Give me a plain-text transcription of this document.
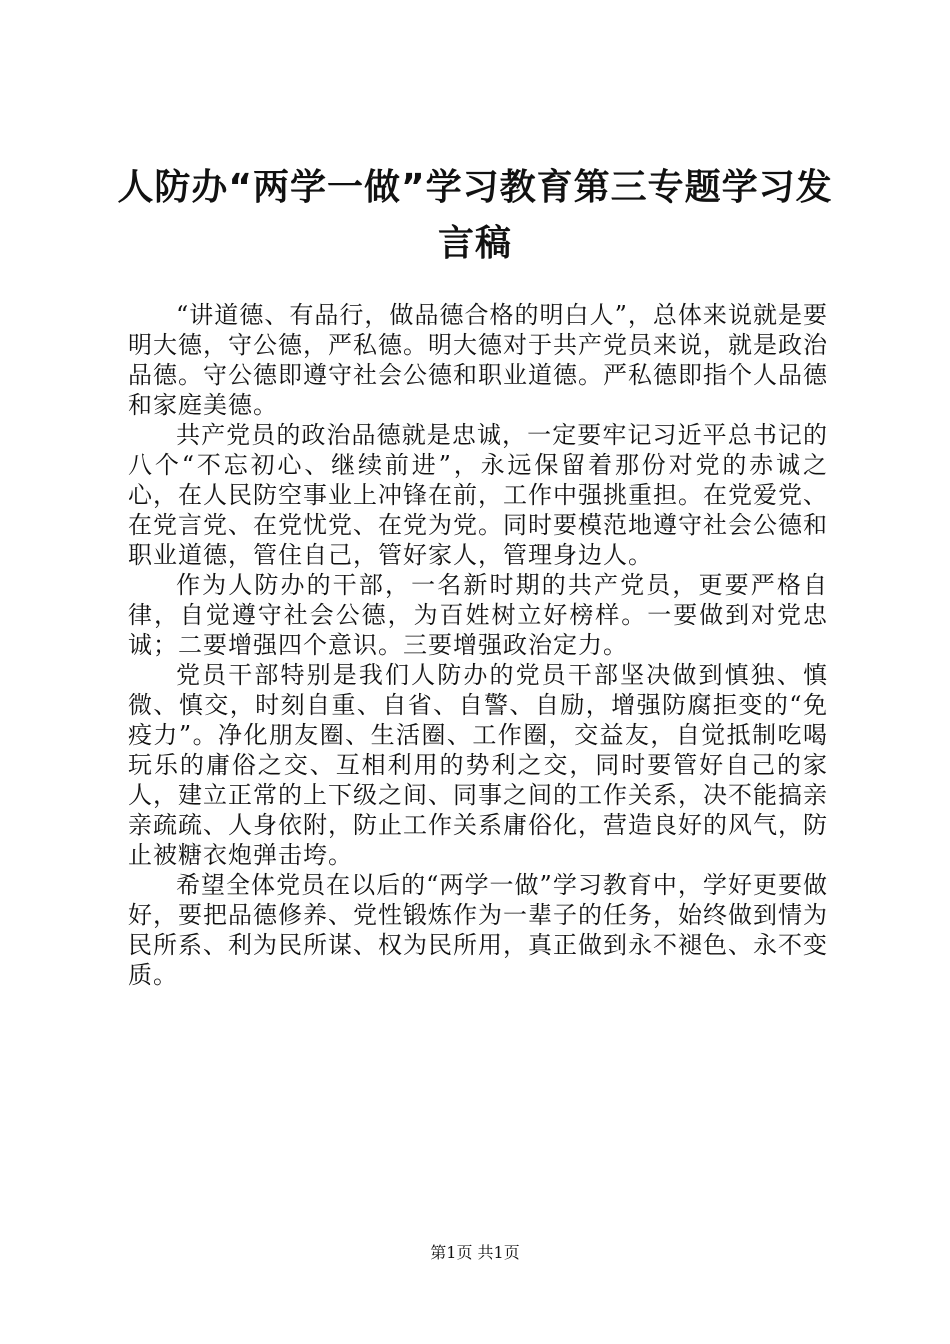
人防办“两学一做”学习教育第三专题学习发言稿

“讲道德、有品行，做品德合格的明白人”，总体来说就是要明大德，守公德，严私德。明大德对于共产党员来说，就是政治品德。守公德即遵守社会公德和职业道德。严私德即指个人品德和家庭美德。

共产党员的政治品德就是忠诚，一定要牢记习近平总书记的八个“不忘初心、继续前进”，永远保留着那份对党的赤诚之心，在人民防空事业上冲锋在前，工作中强挑重担。在党爱党、在党言党、在党忧党、在党为党。同时要模范地遵守社会公德和职业道德，管住自己，管好家人，管理身边人。

作为人防办的干部，一名新时期的共产党员，更要严格自律，自觉遵守社会公德，为百姓树立好榜样。一要做到对党忠诚；二要增强四个意识。三要增强政治定力。

党员干部特别是我们人防办的党员干部坚决做到慎独、慎微、慎交，时刻自重、自省、自警、自励，增强防腐拒变的“免疫力”。净化朋友圈、生活圈、工作圈，交益友，自觉抵制吃喝玩乐的庸俗之交、互相利用的势利之交，同时要管好自己的家人，建立正常的上下级之间、同事之间的工作关系，决不能搞亲亲疏疏、人身依附，防止工作关系庸俗化，营造良好的风气，防止被糖衣炮弹击垮。

希望全体党员在以后的“两学一做”学习教育中，学好更要做好，要把品德修养、党性锻炼作为一辈子的任务，始终做到情为民所系、利为民所谋、权为民所用，真正做到永不褪色、永不变质。

第1页 共1页
